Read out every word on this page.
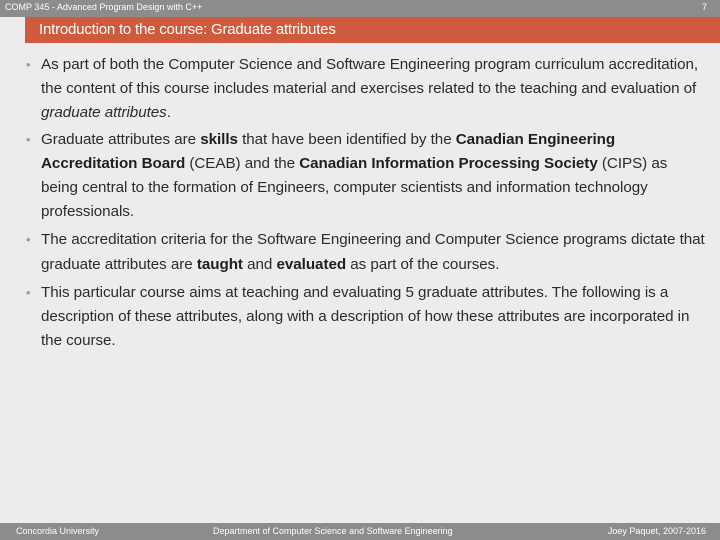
COMP 345 - Advanced Program Design with C++	7
Introduction to the course: Graduate attributes
• As part of both the Computer Science and Software Engineering program curriculum accreditation, the content of this course includes material and exercises related to the teaching and evaluation of graduate attributes.
• Graduate attributes are skills that have been identified by the Canadian Engineering Accreditation Board (CEAB) and the Canadian Information Processing Society (CIPS) as being central to the formation of Engineers, computer scientists and information technology professionals.
• The accreditation criteria for the Software Engineering and Computer Science programs dictate that graduate attributes are taught and evaluated as part of the courses.
• This particular course aims at teaching and evaluating 5 graduate attributes. The following is a description of these attributes, along with a description of how these attributes are incorporated in the course.
Concordia University	Department of Computer Science and Software Engineering	Joey Paquet, 2007-2016
